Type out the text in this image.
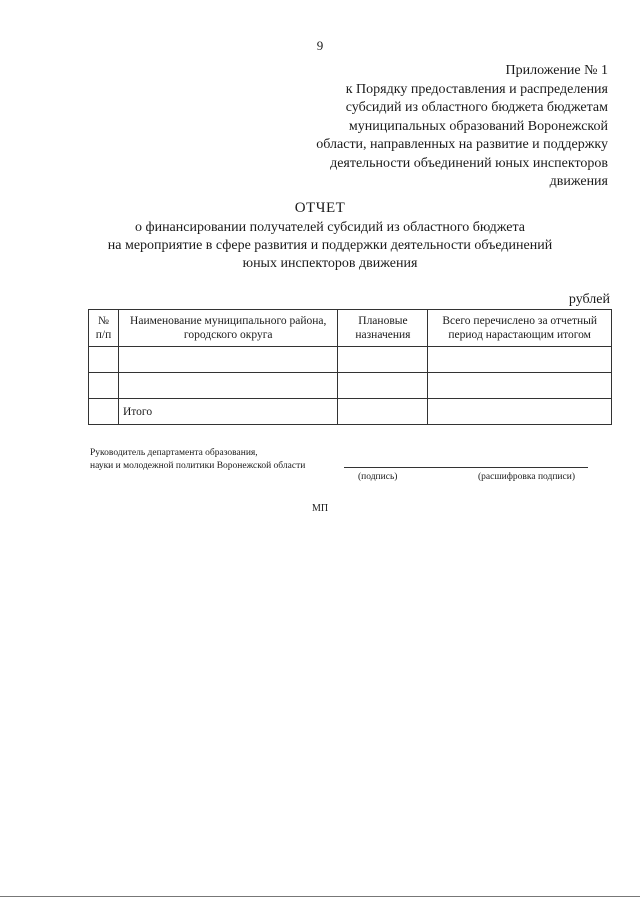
9
Приложение № 1
к Порядку предоставления и распределения
субсидий из областного бюджета бюджетам
муниципальных образований Воронежской
области, направленных на развитие и поддержку
деятельности объединений юных инспекторов
движения
ОТЧЕТ
о финансировании получателей субсидий из областного бюджета
на мероприятие в сфере развития и поддержки деятельности объединений
юных инспекторов движения
рублей
№ п/п	Наименование муниципального района, городского округа	Плановые назначения	Всего перечислено за отчетный период нарастающим итогом

	Итого		
Руководитель департамента образования,
науки и молодежной политики Воронежской области
(подпись)	(расшифровка подписи)
МП
